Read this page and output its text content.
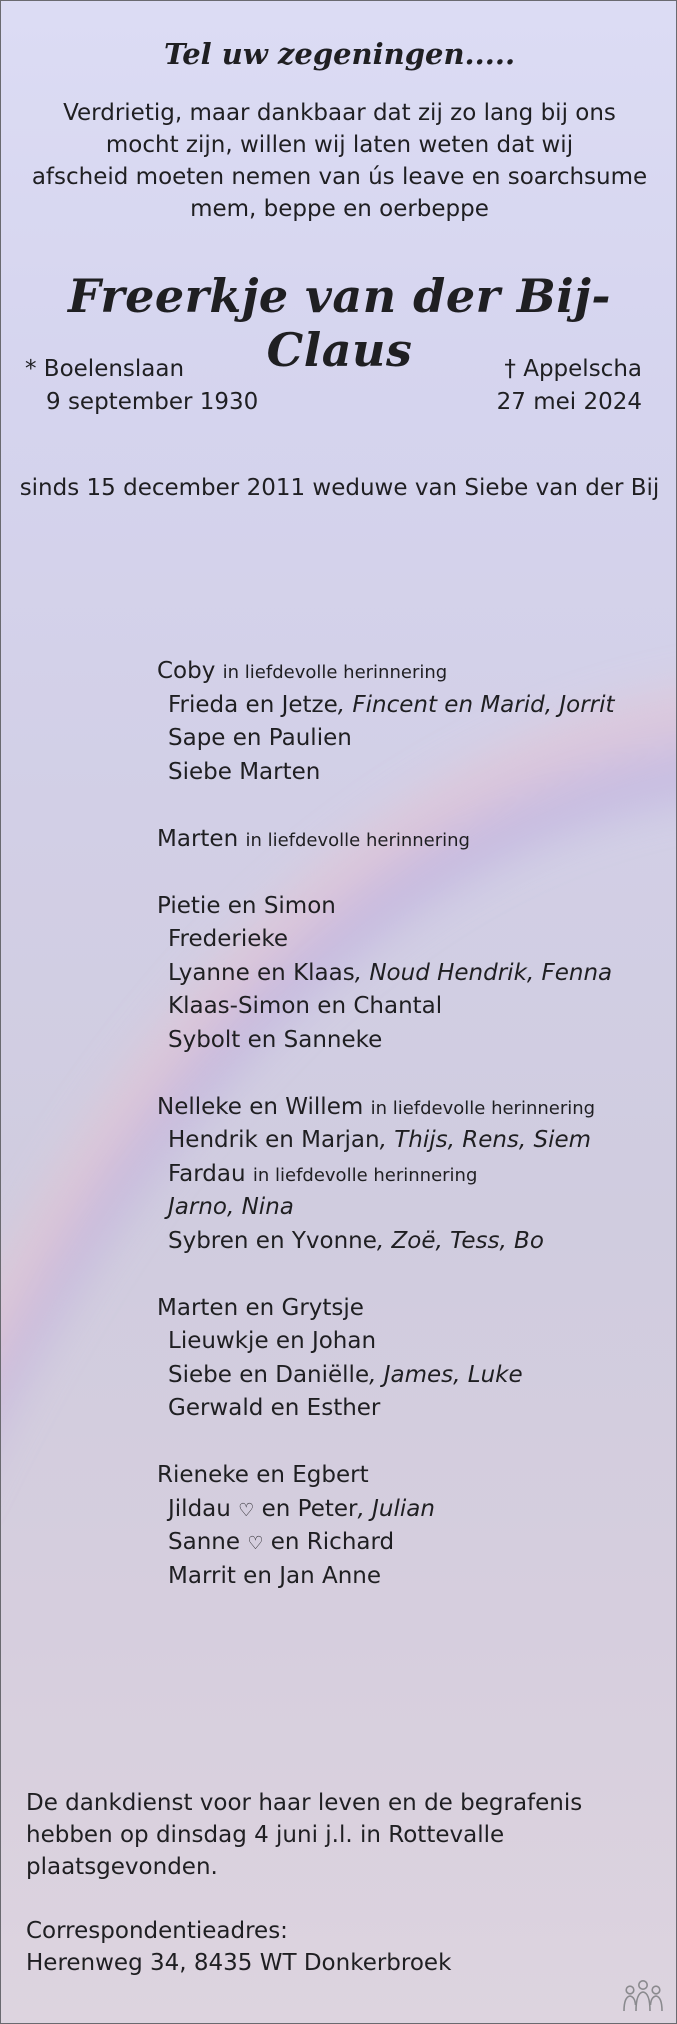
Tel uw zegeningen.....
Verdrietig, maar dankbaar dat zij zo lang bij ons
mocht zijn, willen wij laten weten dat wij
afscheid moeten nemen van ús leave en soarchsume
mem, beppe en oerbeppe
Freerkje van der Bij-Claus
* Boelenslaan
9 september 1930
† Appelscha
27 mei 2024
sinds 15 december 2011 weduwe van Siebe van der Bij
Coby in liefdevolle herinnering
Frieda en Jetze, Fincent en Marid, Jorrit
Sape en Paulien
Siebe Marten
Marten in liefdevolle herinnering
Pietie en Simon
Frederieke
Lyanne en Klaas, Noud Hendrik, Fenna
Klaas-Simon en Chantal
Sybolt en Sanneke
Nelleke en Willem in liefdevolle herinnering
Hendrik en Marjan, Thijs, Rens, Siem
Fardau in liefdevolle herinnering
Jarno, Nina
Sybren en Yvonne, Zoë, Tess, Bo
Marten en Grytsje
Lieuwkje en Johan
Siebe en Daniëlle, James, Luke
Gerwald en Esther
Rieneke en Egbert
Jildau ♡ en Peter, Julian
Sanne ♡ en Richard
Marrit en Jan Anne
De dankdienst voor haar leven en de begrafenis
hebben op dinsdag 4 juni j.l. in Rottevalle
plaatsgevonden.
Correspondentieadres:
Herenweg 34, 8435 WT Donkerbroek
